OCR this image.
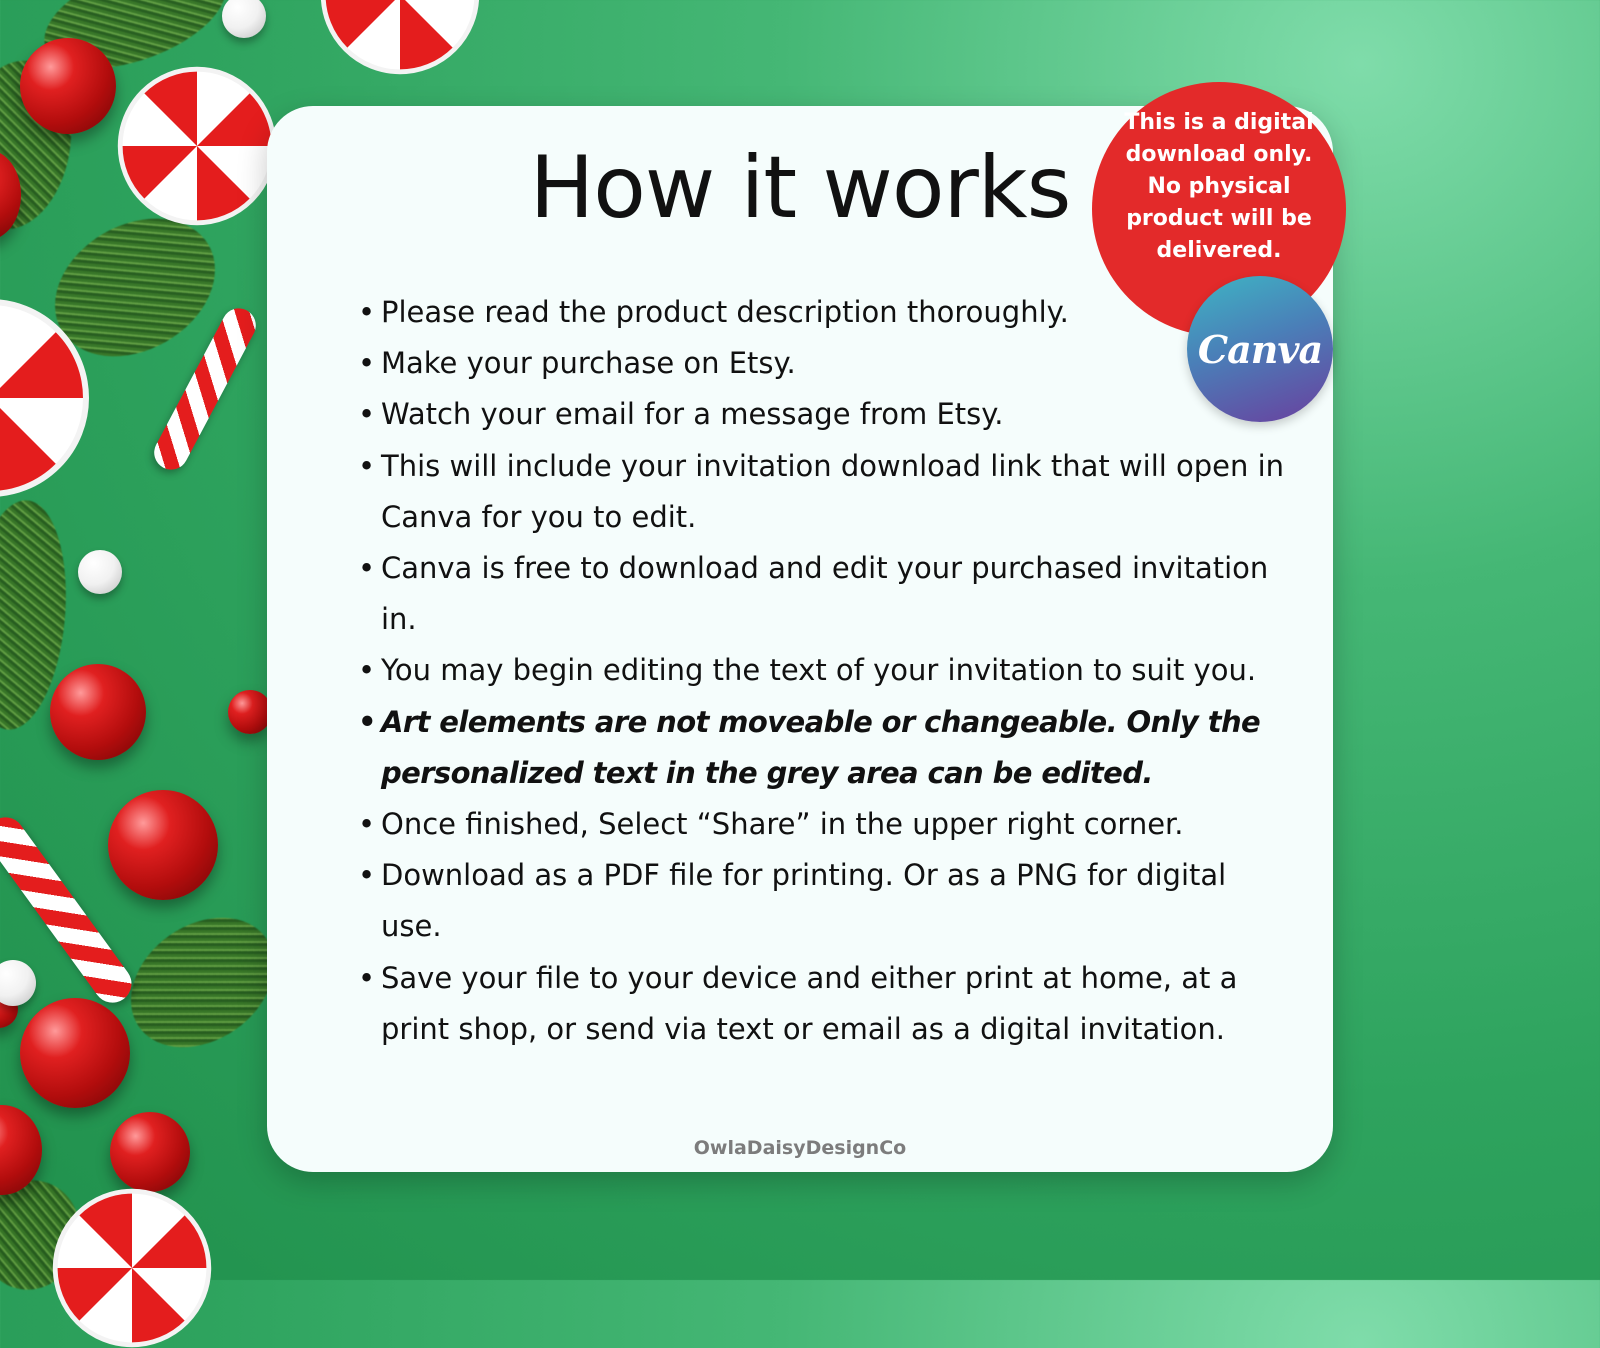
How it works
This is a digital download only. No physical product will be delivered.
Canva
• Please read the product description thoroughly.
• Make your purchase on Etsy.
• Watch your email for a message from Etsy.
• This will include your invitation download link that will open in Canva for you to edit.
• Canva is free to download and edit your purchased invitation in.
• You may begin editing the text of your invitation to suit you.
• Art elements are not moveable or changeable. Only the personalized text in the grey area can be edited.
• Once finished, Select “Share” in the upper right corner.
• Download as a PDF file for printing. Or as a PNG for digital use.
• Save your file to your device and either print at home, at a print shop, or send via text or email as a digital invitation.
OwlaDaisyDesignCo
